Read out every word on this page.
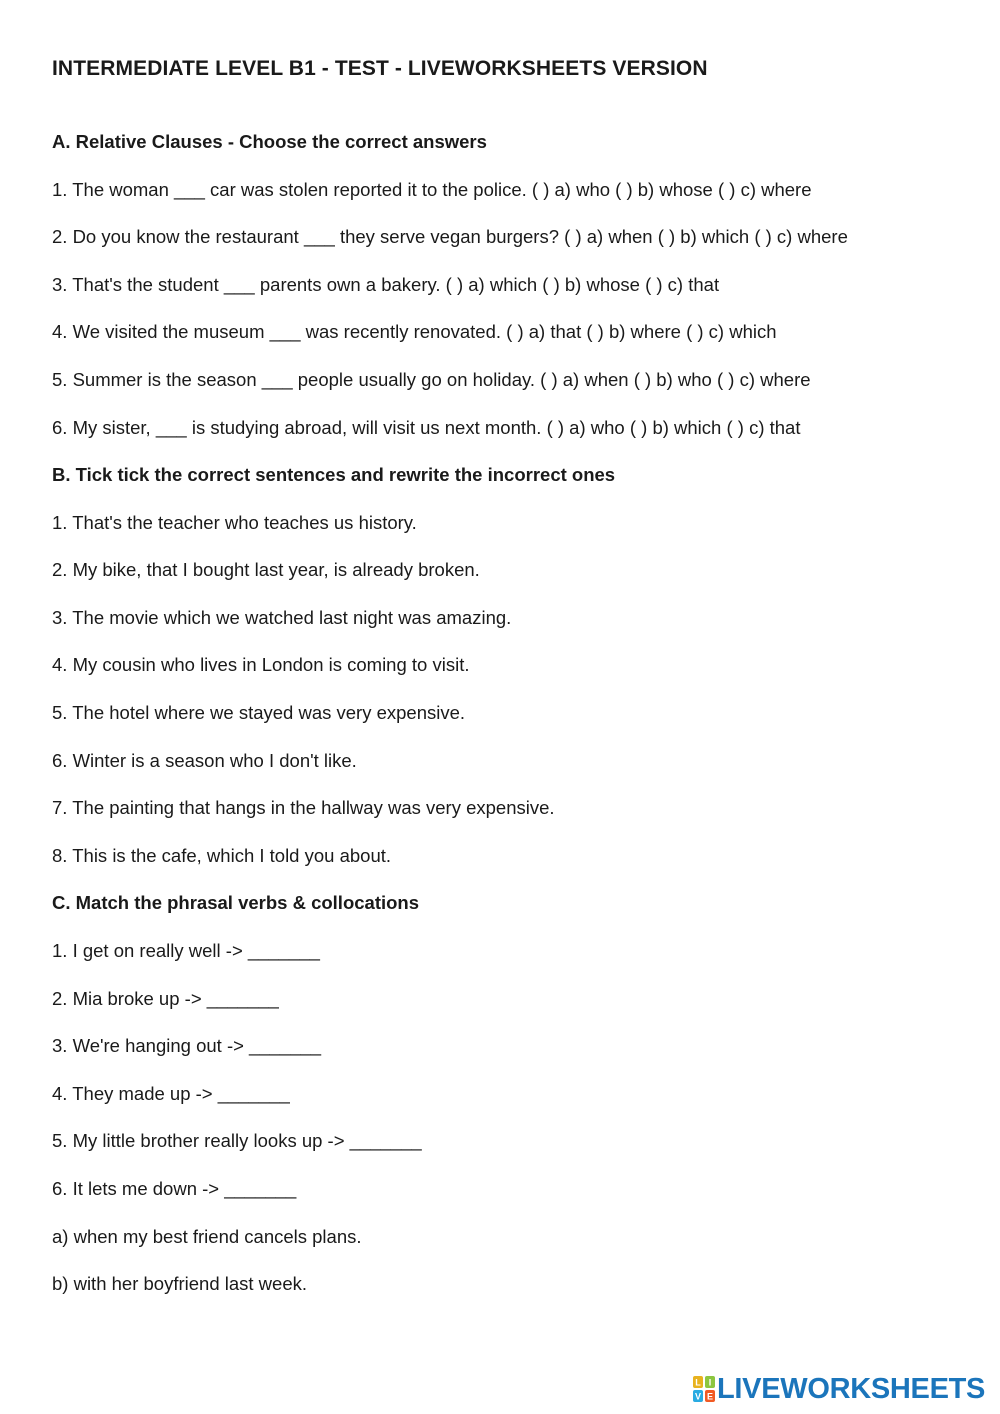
INTERMEDIATE LEVEL B1 - TEST - LIVEWORKSHEETS VERSION
A. Relative Clauses - Choose the correct answers
1. The woman ___ car was stolen reported it to the police. ( ) a) who ( ) b) whose ( ) c) where
2. Do you know the restaurant ___ they serve vegan burgers? ( ) a) when ( ) b) which ( ) c) where
3. That's the student ___ parents own a bakery. ( ) a) which ( ) b) whose ( ) c) that
4. We visited the museum ___ was recently renovated. ( ) a) that ( ) b) where ( ) c) which
5. Summer is the season ___ people usually go on holiday. ( ) a) when ( ) b) who ( ) c) where
6. My sister, ___ is studying abroad, will visit us next month. ( ) a) who ( ) b) which ( ) c) that
B. Tick tick the correct sentences and rewrite the incorrect ones
1. That's the teacher who teaches us history.
2. My bike, that I bought last year, is already broken.
3. The movie which we watched last night was amazing.
4. My cousin who lives in London is coming to visit.
5. The hotel where we stayed was very expensive.
6. Winter is a season who I don't like.
7. The painting that hangs in the hallway was very expensive.
8. This is the cafe, which I told you about.
C. Match the phrasal verbs & collocations
1. I get on really well -> _______
2. Mia broke up -> _______
3. We're hanging out -> _______
4. They made up -> _______
5. My little brother really looks up -> _______
6. It lets me down -> _______
a) when my best friend cancels plans.
b) with her boyfriend last week.
L I
V E LIVEWORKSHEETS
